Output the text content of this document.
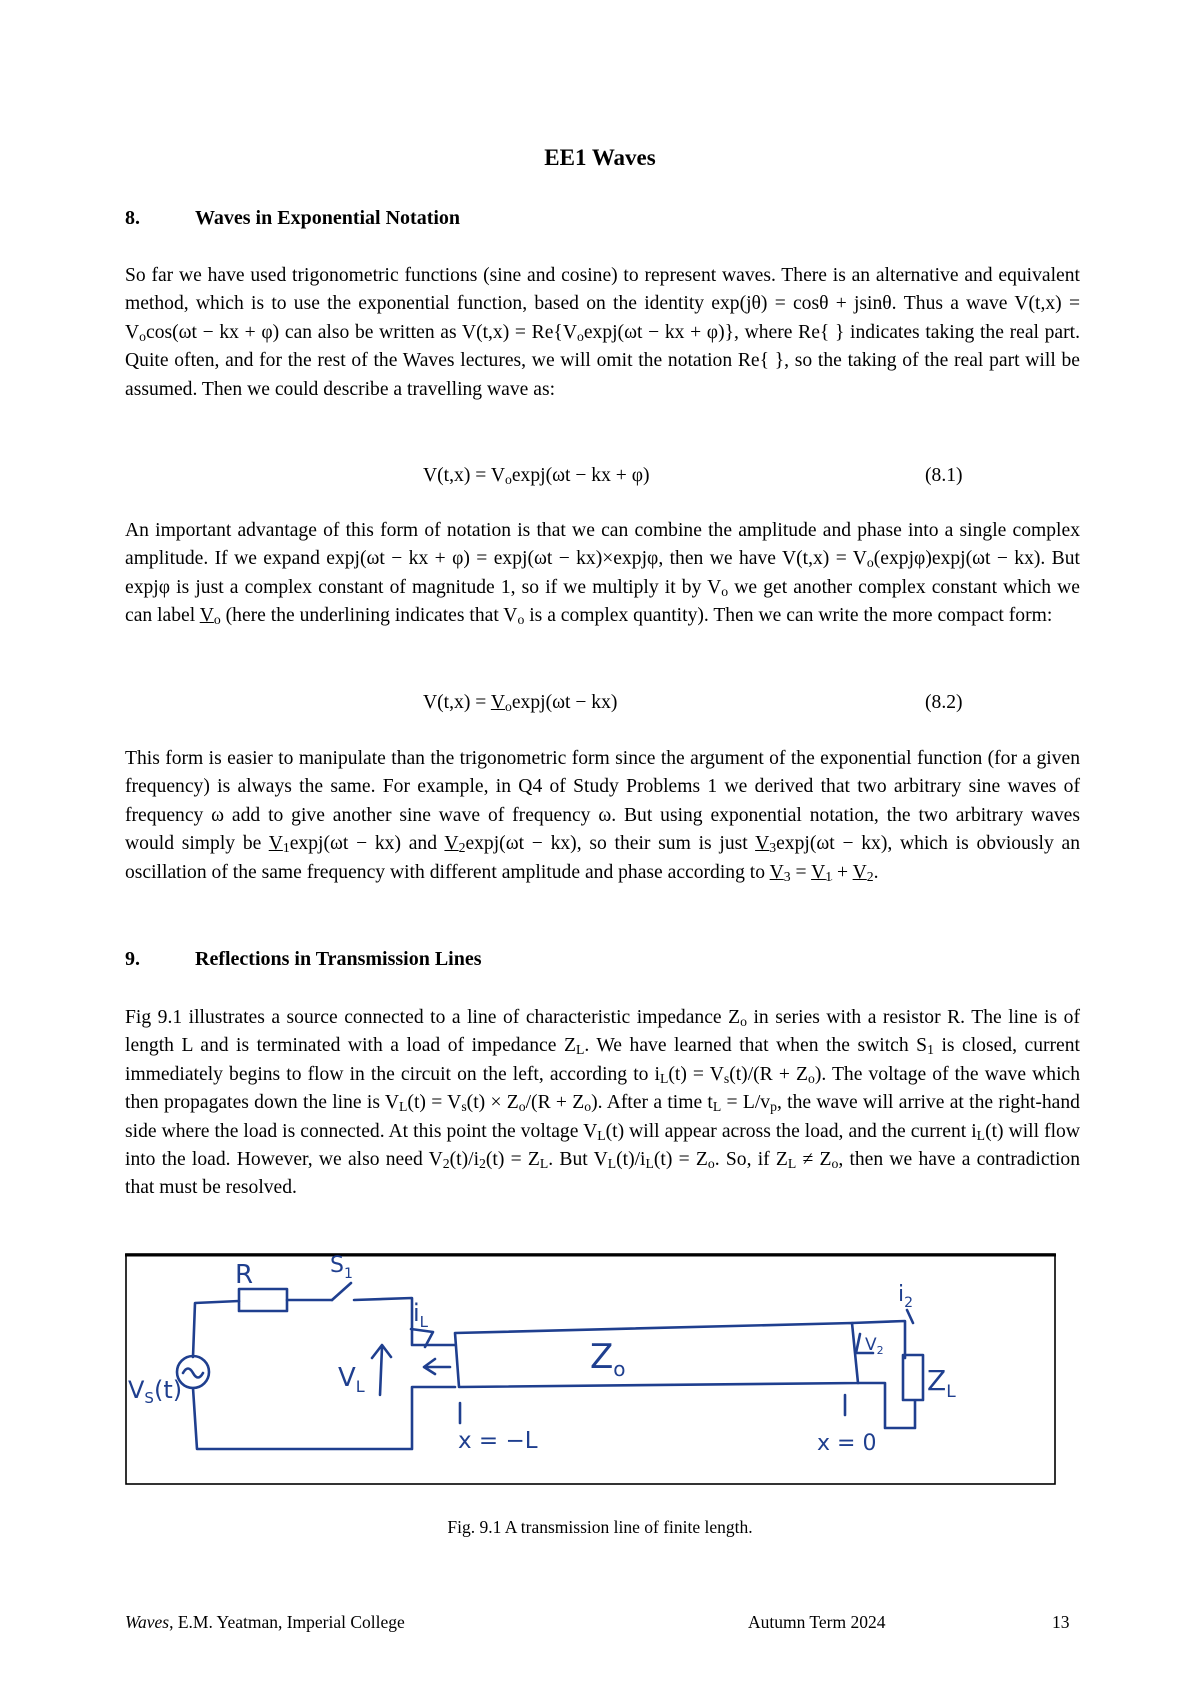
EE1 Waves
8.	Waves in Exponential Notation

So far we have used trigonometric functions (sine and cosine) to represent waves. There is an alternative and equivalent method, which is to use the exponential function, based on the identity exp(jθ) = cosθ + jsinθ. Thus a wave $V(t,x) = V_o\cos(\omega t$ − kx + φ) can also be written as $V(t,x) = Re\{V_o\exp j(\omega t$ − kx + φ)}, where Re{ } indicates taking the real part. Quite often, and for the rest of the Waves lectures, we will omit the notation Re{ }, so the taking of the real part will be assumed. Then we could describe a travelling wave as:

$V(t,x) = V_o\exp j(\omega t$ − kx + φ)	(8.1)

An important advantage of this form of notation is that we can combine the amplitude and phase into a single complex amplitude. If we expand expj(ωt − kx + φ) = expj(ωt − kx)×expjφ, then we have $V(t,x) = V_o(\exp j\varphi)\exp j(\omega t - kx)$. But expjφ is just a complex constant of magnitude 1, so if we multiply it by $V_o$ we get another complex constant which we can label $V_o$ (here the underlining indicates that $V_o$ is a complex quantity). Then we can write the more compact form:

$V(t,x) = V_o\exp j(\omega t - kx)$	(8.2)

This form is easier to manipulate than the trigonometric form since the argument of the exponential function (for a given frequency) is always the same. For example, in Q4 of Study Problems 1 we derived that two arbitrary sine waves of frequency ω add to give another sine wave of frequency ω. But using exponential notation, the two arbitrary waves would simply be $V_1\exp j(\omega t - kx)$ and $V_2\exp j(\omega t - kx)$, so their sum is just $V_3\exp j(\omega t - kx)$, which is obviously an oscillation of the same frequency with different amplitude and phase according to $V_3 = V_1 + V_2$.

9.	Reflections in Transmission Lines

Fig 9.1 illustrates a source connected to a line of characteristic impedance $Z_o$ in series with a resistor R. The line is of length L and is terminated with a load of impedance $Z_L$. We have learned that when the switch $S_1$ is closed, current immediately begins to flow in the circuit on the left, according to $i_L(t) = V_s(t)/(R + Z_o)$. The voltage of the wave which then propagates down the line is $V_L(t) = V_s(t) \times Z_o/(R + Z_o)$. After a time $t_L = L/v_p$, the wave will arrive at the right-hand side where the load is connected. At this point the voltage $V_L(t)$ will appear across the load, and the current $i_L(t)$ will flow into the load. However, we also need $V_2(t)/i_2(t) = Z_L$. But $V_L(t)/i_L(t) = Z_o$. So, if $Z_L \ne Z_o$, then we have a contradiction that must be resolved.

R	$S_1$
$i_L$
$V_L$
$V_S(t)$
$Z_o$
$i_2$
$V_2$
$Z_L$
x = −L	x = 0
Fig. 9.1 A transmission line of finite length.
Waves, E.M. Yeatman, Imperial College	Autumn Term 2024	13
